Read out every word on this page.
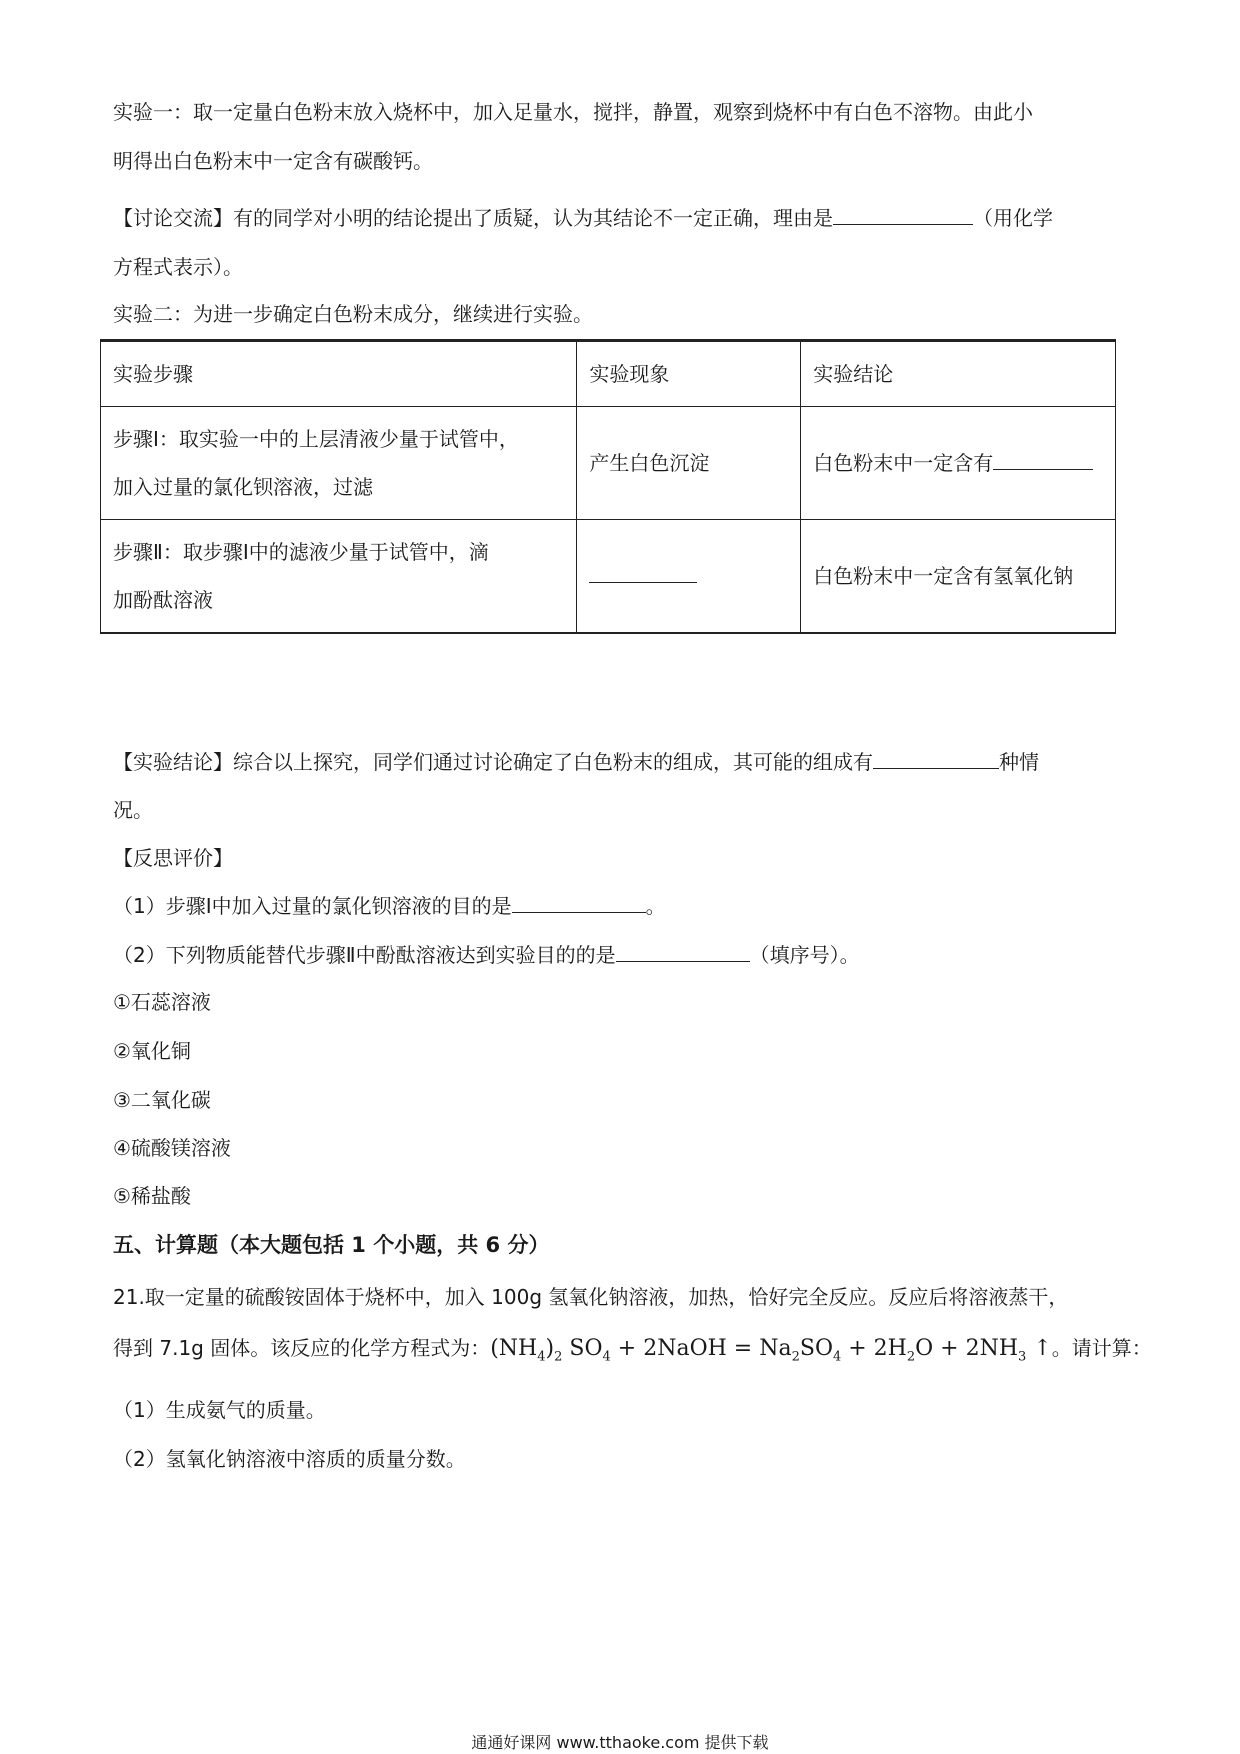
实验一：取一定量白色粉末放入烧杯中，加入足量水，搅拌，静置，观察到烧杯中有白色不溶物。由此小
明得出白色粉末中一定含有碳酸钙。
【讨论交流】有的同学对小明的结论提出了质疑，认为其结论不一定正确，理由是	（用化学
方程式表示）。
实验二：为进一步确定白色粉末成分，继续进行实验。
实验步骤	实验现象	实验结论

步骤Ⅰ：取实验一中的上层清液少量于试管中，
加入过量的氯化钡溶液，过滤	产生白色沉淀	白色粉末中一定含有

步骤Ⅱ：取步骤Ⅰ中的滤液少量于试管中，滴
加酚酞溶液		白色粉末中一定含有氢氧化钠
【实验结论】综合以上探究，同学们通过讨论确定了白色粉末的组成，其可能的组成有	种情
况。
【反思评价】
（1）步骤Ⅰ中加入过量的氯化钡溶液的目的是	。
（2）下列物质能替代步骤Ⅱ中酚酞溶液达到实验目的的是	（填序号）。
①石蕊溶液
②氧化铜
③二氧化碳
④硫酸镁溶液
⑤稀盐酸
五、计算题（本大题包括 1 个小题，共 6 分）
21.取一定量的硫酸铵固体于烧杯中，加入 100g 氢氧化钠溶液，加热，恰好完全反应。反应后将溶液蒸干，
得到 7.1g 固体。该反应的化学方程式为：$(NH_4)_2$ $SO_4$ + 2NaOH = $Na_2SO_4 + 2H_2O + 2NH_3$ ↑。请计算：
（1）生成氨气的质量。
（2）氢氧化钠溶液中溶质的质量分数。
通通好课网 www.tthaoke.com 提供下载
